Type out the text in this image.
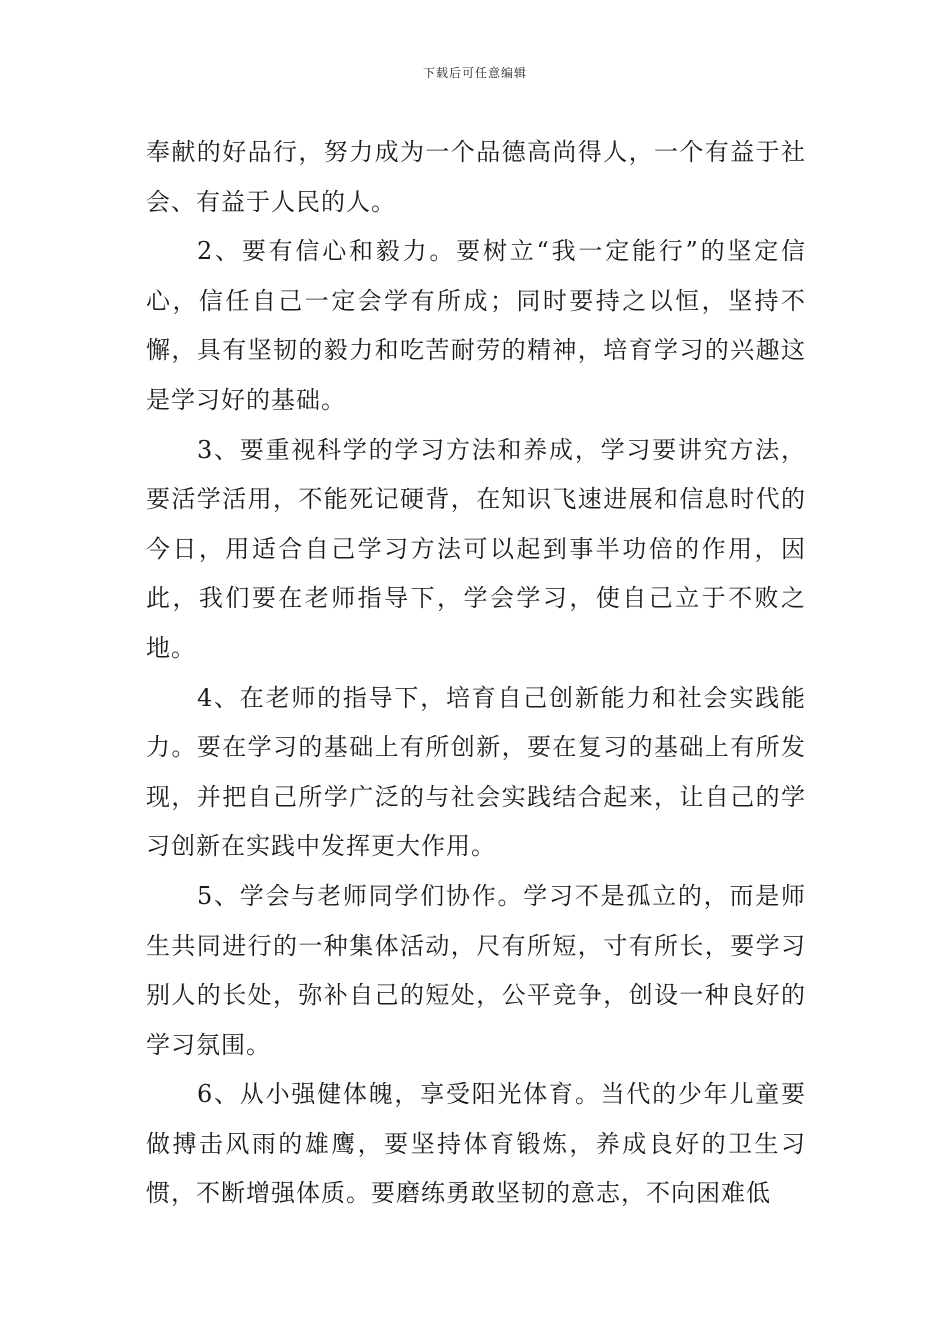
下载后可任意编辑

奉献的好品行，努力成为一个品德高尚得人，一个有益于社会、有益于人民的人。

2、要有信心和毅力。要树立“我一定能行”的坚定信心，信任自己一定会学有所成；同时要持之以恒，坚持不懈，具有坚韧的毅力和吃苦耐劳的精神，培育学习的兴趣这是学习好的基础。

3、要重视科学的学习方法和养成，学习要讲究方法，要活学活用，不能死记硬背，在知识飞速进展和信息时代的今日，用适合自己学习方法可以起到事半功倍的作用，因此，我们要在老师指导下，学会学习，使自己立于不败之地。

4、在老师的指导下，培育自己创新能力和社会实践能力。要在学习的基础上有所创新，要在复习的基础上有所发现，并把自己所学广泛的与社会实践结合起来，让自己的学习创新在实践中发挥更大作用。

5、学会与老师同学们协作。学习不是孤立的，而是师生共同进行的一种集体活动，尺有所短，寸有所长，要学习别人的长处，弥补自己的短处，公平竞争，创设一种良好的学习氛围。

6、从小强健体魄，享受阳光体育。当代的少年儿童要做搏击风雨的雄鹰，要坚持体育锻炼，养成良好的卫生习惯，不断增强体质。要磨练勇敢坚韧的意志，不向困难低
